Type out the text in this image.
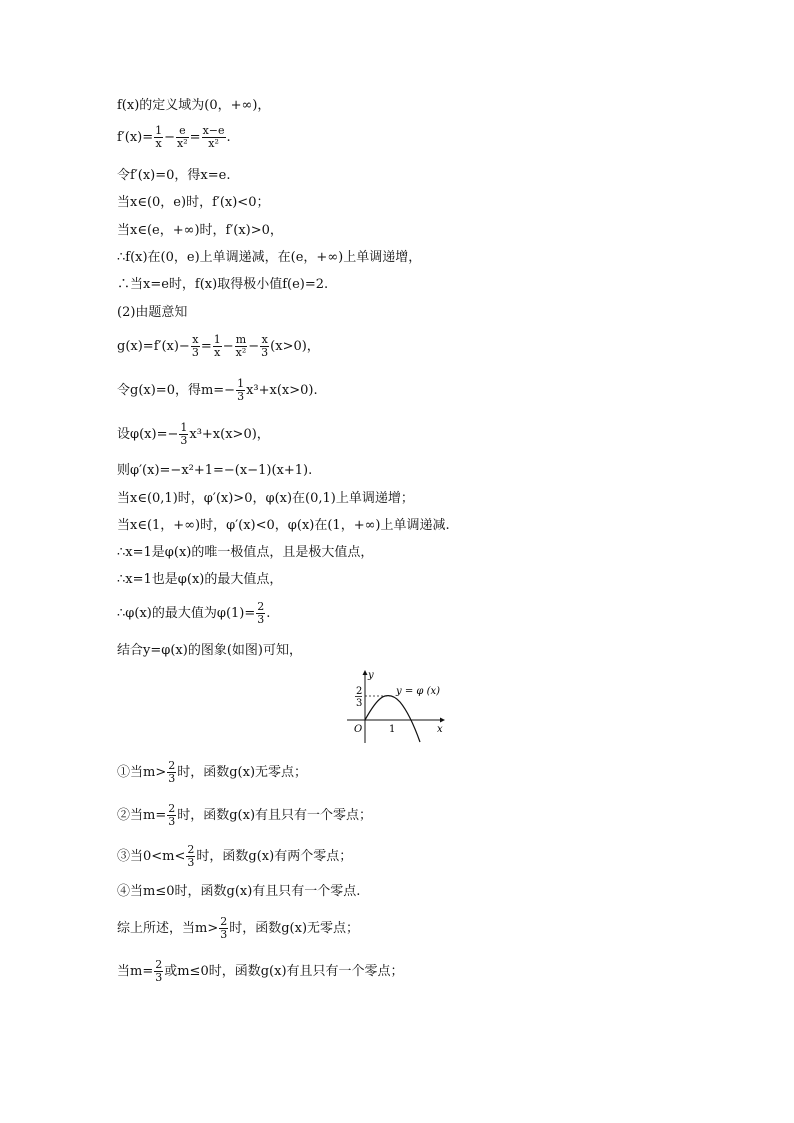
f(x)的定义域为(0，+∞)，
$f'(x)= \frac{1}{x} - \frac{e}{\text{x²}} = \frac{x-e}{\text{x²}}$ .
令f′(x)=0，得x=e.
当x∈(0，e)时，f′(x)<0；
当x∈(e，+∞)时，f′(x)>0，
∴f(x)在(0，e)上单调递减，在(e，+∞)上单调递增，
∴当x=e时，f(x)取得极小值f(e)=2.
(2)由题意知
$g(x)=f'(x)- \frac{x}{3} = \frac{1}{x} - \frac{m}{\text{x²}} - \frac{x}{3} (x>0)$，
令g(x)=0，得$m=- \frac{1}{3} x^3+x(x>0)$.
设$\varphi(x)=- \frac{1}{3} x^3+x(x>0)$，
则φ′(x)=−x²+1=−(x−1)(x+1).
当x∈(0,1)时，φ′(x)>0，φ(x)在(0,1)上单调递增；
当x∈(1，+∞)时，φ′(x)<0，φ(x)在(1，+∞)上单调递减.
∴x=1是φ(x)的唯一极值点，且是极大值点，
∴x=1也是φ(x)的最大值点，
∴φ(x)的最大值为$\varphi(1)= \frac{2}{3}$ .
结合y=φ(x)的图象(如图)可知，
y
x
O	1
2
3
y = φ (x)
①当$m> \frac{2}{3}$ 时，函数g(x)无零点；
②当$m= \frac{2}{3}$ 时，函数g(x)有且只有一个零点；
③当$0<m< \frac{2}{3}$ 时，函数g(x)有两个零点；
④当m≤0时，函数g(x)有且只有一个零点.
综上所述，当$m> \frac{2}{3}$ 时，函数g(x)无零点；
当$m= \frac{2}{3}$ 或m≤0时，函数g(x)有且只有一个零点；
